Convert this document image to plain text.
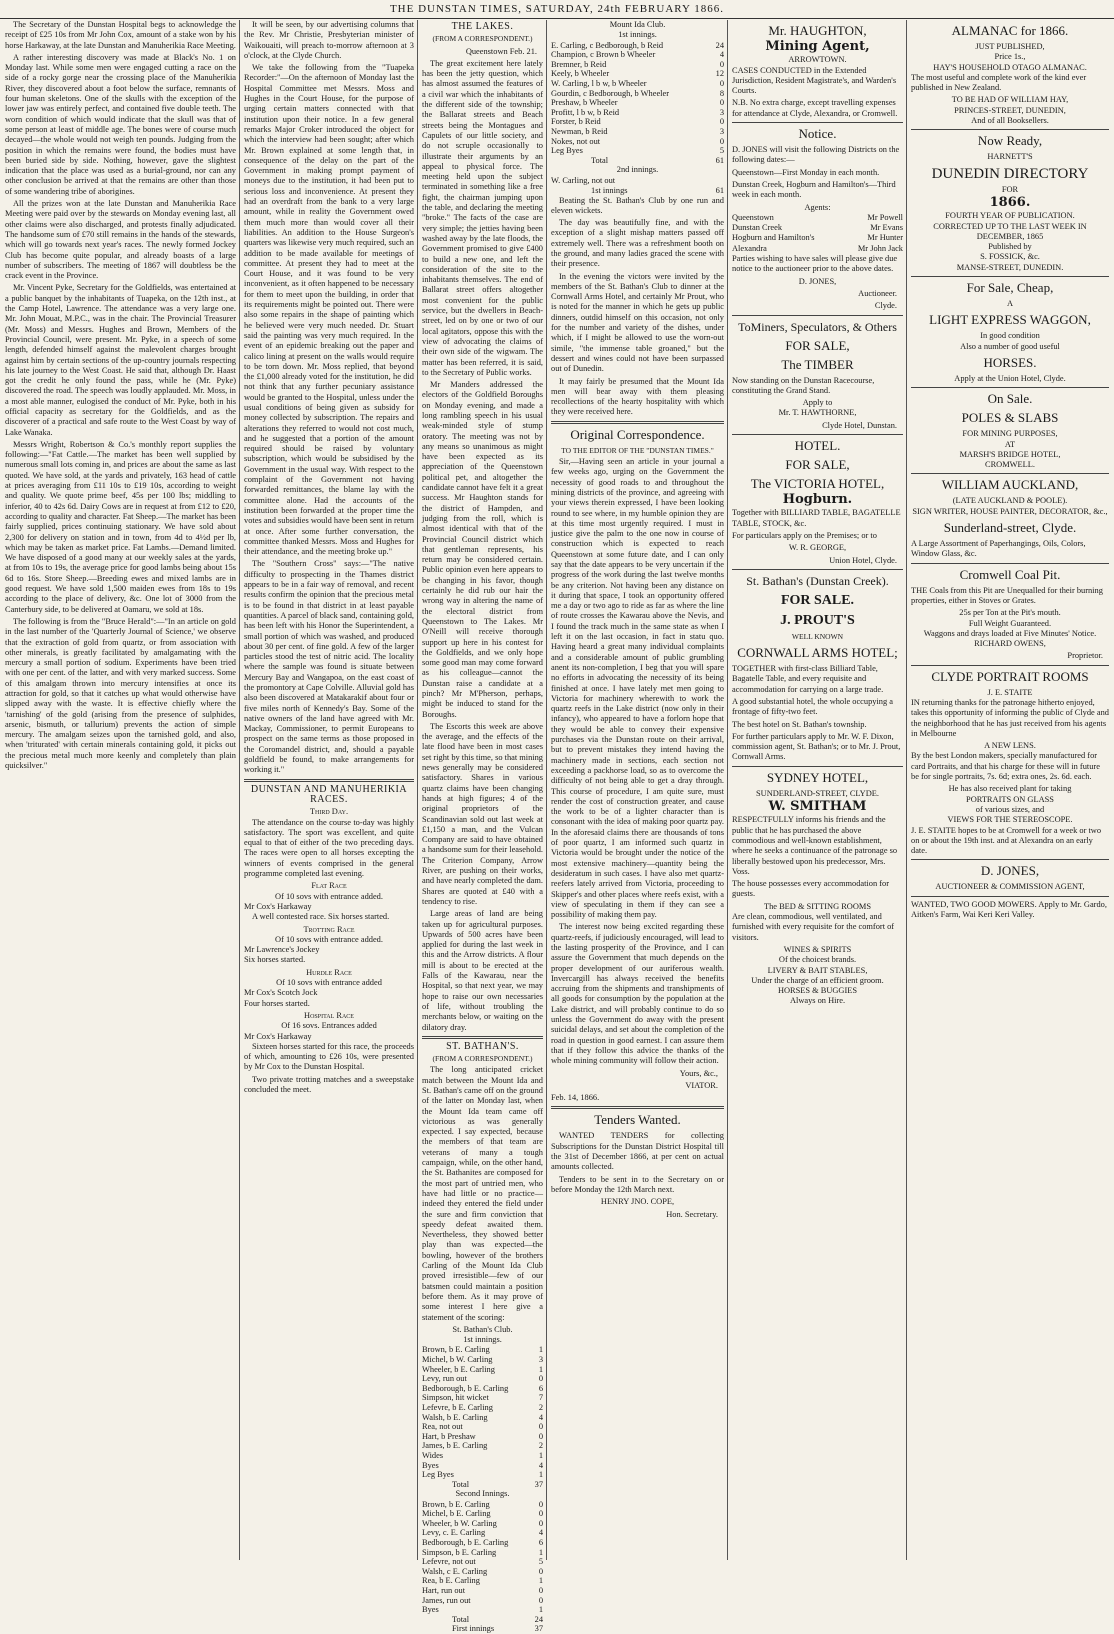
THE DUNSTAN TIMES, SATURDAY, 24th FEBRUARY 1866.

The Secretary of the Dunstan Hospital begs to acknowledge the receipt of £25 10s from Mr John Cox, amount of a stake won by his horse Harkaway, at the late Dunstan and Manuherikia Race Meeting.

A rather interesting discovery was made at Black's No. 1 on Monday last. While some men were engaged cutting a race on the side of a rocky gorge near the crossing place of the Manuherikia River, they discovered about a foot below the surface, remnants of four human skeletons. One of the skulls with the exception of the lower jaw was entirely perfect, and contained five double teeth. The worn condition of which would indicate that the skull was that of some person at least of middle age. The bones were of course much decayed—the whole would not weigh ten pounds. Judging from the position in which the remains were found, the bodies must have been buried side by side. Nothing, however, gave the slightest indication that the place was used as a burial-ground, nor can any other conclusion be arrived at that the remains are other than those of some wandering tribe of aborigines.

All the prizes won at the late Dunstan and Manuherikia Race Meeting were paid over by the stewards on Monday evening last, all other claims were also discharged, and protests finally adjudicated. The handsome sum of £70 still remains in the hands of the stewards, which will go towards next year's races. The newly formed Jockey Club has become quite popular, and already boasts of a large number of subscribers. The meeting of 1867 will doubtless be the crack event in the Province.

Mr. Vincent Pyke, Secretary for the Goldfields, was entertained at a public banquet by the inhabitants of Tuapeka, on the 12th inst., at the Camp Hotel, Lawrence. The attendance was a very large one. Mr. John Mouat, M.P.C., was in the chair. The Provincial Treasurer (Mr. Moss) and Messrs. Hughes and Brown, Members of the Provincial Council, were present. Mr. Pyke, in a speech of some length, defended himself against the malevolent charges brought against him by certain sections of the up-country journals respecting his late journey to the West Coast. He said that, although Dr. Haast got the credit he only found the pass, while he (Mr. Pyke) discovered the road. The speech was loudly applauded. Mr. Moss, in a most able manner, eulogised the conduct of Mr. Pyke, both in his official capacity as secretary for the Goldfields, and as the discoverer of a practical and safe route to the West Coast by way of Lake Wanaka.

Messrs Wright, Robertson & Co.'s monthly report supplies the following:—"Fat Cattle.—The market has been well supplied by numerous small lots coming in, and prices are about the same as last quoted. We have sold, at the yards and privately, 163 head of cattle at prices averaging from £11 10s to £19 10s, according to weight and quality. We quote prime beef, 45s per 100 lbs; middling to inferior, 40 to 42s 6d. Dairy Cows are in request at from £12 to £20, according to quality and character. Fat Sheep.—The market has been fairly supplied, prices continuing stationary. We have sold about 2,300 for delivery on station and in town, from 4d to 4½d per lb, which may be taken as market price. Fat Lambs.—Demand limited. We have disposed of a good many at our weekly sales at the yards, at from 10s to 19s, the average price for good lambs being about 15s 6d to 16s. Store Sheep.—Breeding ewes and mixed lambs are in good request. We have sold 1,500 maiden ewes from 18s to 19s according to the place of delivery, &c. One lot of 3000 from the Canterbury side, to be delivered at Oamaru, we sold at 18s.

The following is from the "Bruce Herald":—"In an article on gold in the last number of the 'Quarterly Journal of Science,' we observe that the extraction of gold from quartz, or from association with other minerals, is greatly facilitated by amalgamating with the mercury a small portion of sodium. Experiments have been tried with one per cent. of the latter, and with very marked success. Some of this amalgam thrown into mercury intensifies at once its attraction for gold, so that it catches up what would otherwise have slipped away with the waste. It is effective chiefly where the 'tarnishing' of the gold (arising from the presence of sulphides, arsenic, bismuth, or tallurium) prevents the action of simple mercury. The amalgam seizes upon the tarnished gold, and also, when 'triturated' with certain minerals containing gold, it picks out the precious metal much more keenly and completely than plain quicksilver."

It will be seen, by our advertising columns that the Rev. Mr Christie, Presbyterian minister of Waikouaiti, will preach to-morrow afternoon at 3 o'clock, at the Clyde Church.

We take the following from the "Tuapeka Recorder:"—On the afternoon of Monday last the Hospital Committee met Messrs. Moss and Hughes in the Court House, for the purpose of urging certain matters connected with that institution upon their notice. In a few general remarks Major Croker introduced the object for which the interview had been sought; after which Mr. Brown explained at some length that, in consequence of the delay on the part of the Government in making prompt payment of moneys due to the institution, it had been put to serious loss and inconvenience. At present they had an overdraft from the bank to a very large amount, while in reality the Government owed them much more than would cover all their liabilities. An addition to the House Surgeon's quarters was likewise very much required, such an addition to be made available for meetings of committee. At present they had to meet at the Court House, and it was found to be very inconvenient, as it often happened to be necessary for them to meet upon the building, in order that its requirements might be pointed out. There were also some repairs in the shape of painting which he believed were very much needed. Dr. Stuart said the painting was very much required. In the event of an epidemic breaking out the paper and calico lining at present on the walls would require to be torn down. Mr. Moss replied, that beyond the £1,000 already voted for the institution, he did not think that any further pecuniary assistance would be granted to the Hospital, unless under the usual conditions of being given as subsidy for money collected by subscription. The repairs and alterations they referred to would not cost much, and he suggested that a portion of the amount required should be raised by voluntary subscription, which would be subsidised by the Government in the usual way. With respect to the complaint of the Government not having forwarded remittances, the blame lay with the committee alone. Had the accounts of the institution been forwarded at the proper time the votes and subsidies would have been sent in return at once. After some further conversation, the committee thanked Messrs. Moss and Hughes for their attendance, and the meeting broke up."

The "Southern Cross" says:—"The native difficulty to prospecting in the Thames district appears to be in a fair way of removal, and recent results confirm the opinion that the precious metal is to be found in that district in at least payable quantities. A parcel of black sand, containing gold, has been left with his Honor the Superintendent, a small portion of which was washed, and produced about 30 per cent. of fine gold. A few of the larger particles stood the test of nitric acid. The locality where the sample was found is situate between Mercury Bay and Wangapoa, on the east coast of the promontory at Cape Colville. Alluvial gold has also been discovered at Matakarakif about four or five miles north of Kennedy's Bay. Some of the native owners of the land have agreed with Mr. Mackay, Commissioner, to permit Europeans to prospect on the same terms as those proposed in the Coromandel district, and, should a payable goldfield be found, to make arrangements for working it."

DUNSTAN AND MANUHERIKIA RACES.
Third Day.

The attendance on the course to-day was highly satisfactory. The sport was excellent, and quite equal to that of either of the two preceding days. The races were open to all horses excepting the winners of events comprised in the general programme completed last evening.

Flat Race
Of 10 sovs with entrance added.
Mr Cox's Harkaway

A well contested race. Six horses started.

Trotting Race
Of 10 sovs with entrance added.
Mr Lawrence's Jockey
Six horses started.
Hurdle Race
Of 10 sovs with entrance added
Mr Cox's Scotch Jock
Four horses started.
Hospital Race
Of 16 sovs. Entrances added
Mr Cox's Harkaway

Sixteen horses started for this race, the proceeds of which, amounting to £26 10s, were presented by Mr Cox to the Dunstan Hospital.

Two private trotting matches and a sweepstake concluded the meet.

THE LAKES.
(FROM A CORRESPONDENT.)
Queenstown Feb. 21.

The great excitement here lately has been the jetty question, which has almost assumed the features of a civil war which the inhabitants of the different side of the township; the Ballarat streets and Beach streets being the Montagues and Capulets of our little society, and do not scruple occasionally to illustrate their arguments by an appeal to physical force. The meeting held upon the subject terminated in something like a free fight, the chairman jumping upon the table, and declaring the meeting "broke." The facts of the case are very simple; the jetties having been washed away by the late floods, the Government promised to give £400 to build a new one, and left the consideration of the site to the inhabitants themselves. The end of Ballarat street offers altogether most convenient for the public service, but the dwellers in Beach-street, led on by one or two of our local agitators, oppose this with the view of advocating the claims of their own side of the wigwam. The matter has been referred, it is said, to the Secretary of Public works.

Mr Manders addressed the electors of the Goldfield Boroughs on Monday evening, and made a long rambling speech in his usual weak-minded style of stump oratory. The meeting was not by any means so unanimous as might have been expected as its appreciation of the Queenstown political pet, and altogether the candidate cannot have felt it a great success. Mr Haughton stands for the district of Hampden, and judging from the roll, which is almost identical with that of the Provincial Council district which that gentleman represents, his return may be considered certain. Public opinion even here appears to be changing in his favor, though certainly he did rub our hair the wrong way in altering the name of the electoral district from Queenstown to The Lakes. Mr O'Neill will receive thorough support up here in his contest for the Goldfields, and we only hope some good man may come forward as his colleague—cannot the Dunstan raise a candidate at a pinch? Mr M'Pherson, perhaps, might be induced to stand for the Boroughs.

The Escorts this week are above the average, and the effects of the late flood have been in most cases set right by this time, so that mining news generally may be considered satisfactory. Shares in various quartz claims have been changing hands at high figures; 4 of the original proprietors of the Scandinavian sold out last week at £1,150 a man, and the Vulcan Company are said to have obtained a handsome sum for their leasehold. The Criterion Company, Arrow River, are pushing on their works, and have nearly completed the dam. Shares are quoted at £40 with a tendency to rise.

Large areas of land are being taken up for agricultural purposes. Upwards of 500 acres have been applied for during the last week in this and the Arrow districts. A flour mill is about to be erected at the Falls of the Kawarau, near the Hospital, so that next year, we may hope to raise our own necessaries of life, without troubling the merchants below, or waiting on the dilatory dray.

ST. BATHAN'S.
(FROM A CORRESPONDENT.)

The long anticipated cricket match between the Mount Ida and St. Bathan's came off on the ground of the latter on Monday last, when the Mount Ida team came off victorious as was generally expected. I say expected, because the members of that team are veterans of many a tough campaign, while, on the other hand, the St. Bathanites are composed for the most part of untried men, who have had little or no practice—indeed they entered the field under the sure and firm conviction that speedy defeat awaited them. Nevertheless, they showed better play than was expected—the bowling, however of the brothers Carling of the Mount Ida Club proved irresistible—few of our batsmen could maintain a position before them. As it may prove of some interest I here give a statement of the scoring:

St. Bathan's Club.
1st innings.
Brown, b E. Carling	1
Michel, b W. Carling	3
Wheeler, b E. Carling	1
Levy, run out	0
Bedborough, b E. Carling	6
Simpson, hit wicket	7
Lefevre, b E. Carling	2
Walsh, b E. Carling	4
Rea, not out	0
Hart, b Preshaw	0
James, b E. Carling	2
Wides	1
Byes	4
Leg Byes	1
Total	37
Second Innings.
Brown, b E. Carling	0
Michel, b E. Carling	0
Wheeler, b W. Carling	0
Levy, c. E. Carling	4
Bedborough, b E. Carling	6
Simpson, b E. Carling	1
Lefevre, not out	5
Walsh, c E. Carling	0
Rea, b E. Carling	1
Hart, run out	0
James, run out	0
Byes	1
Total	24
First innings	37
Mount Ida Club.
1st innings.
E. Carling, c Bedborough, b Reid	24
Champion, c Brown b Wheeler	4
Bremner, b Reid	0
Keely, b Wheeler	12
W. Carling, l b w, b Wheeler	0
Gourdin, c Bedborough, b Wheeler	8
Preshaw, b Wheeler	0
Profitt, l b w, b Reid	3
Forster, b Reid	0
Newman, b Reid	3
Nokes, not out	0
Leg Byes	5
Total	61
2nd innings.
W. Carling, not out
1st innings	61

Beating the St. Bathan's Club by one run and eleven wickets.

The day was beautifully fine, and with the exception of a slight mishap matters passed off extremely well. There was a refreshment booth on the ground, and many ladies graced the scene with their presence.

In the evening the victors were invited by the members of the St. Bathan's Club to dinner at the Cornwall Arms Hotel, and certainly Mr Prout, who is noted for the manner in which he gets up public dinners, outdid himself on this occasion, not only for the number and variety of the dishes, under which, if I might be allowed to use the worn-out simile, "the immense table groaned," but the dessert and wines could not have been surpassed out of Dunedin.

It may fairly be presumed that the Mount Ida men will bear away with them pleasing recollections of the hearty hospitality with which they were received here.

Original Correspondence.
TO THE EDITOR OF THE "DUNSTAN TIMES."

Sir,—Having seen an article in your journal a few weeks ago, urging on the Government the necessity of good roads to and throughout the mining districts of the province, and agreeing with your views therein expressed, I have been looking round to see where, in my humble opinion they are at this time most urgently required. I must in justice give the palm to the one now in course of construction which is expected to reach Queenstown at some future date, and I can only say that the date appears to be very uncertain if the progress of the work during the last twelve months be any criterion. Not having been any distance on it during that space, I took an opportunity offered me a day or two ago to ride as far as where the line of route crosses the Kawarau above the Nevis, and I found the track much in the same state as when I left it on the last occasion, in fact in statu quo. Having heard a great many individual complaints and a considerable amount of public grumbling anent its non-completion, I beg that you will spare no efforts in advocating the necessity of its being finished at once. I have lately met men going to Victoria for machinery wherewith to work the quartz reefs in the Lake district (now only in their infancy), who appeared to have a forlorn hope that they would be able to convey their expensive purchases via the Dunstan route on their arrival, but to prevent mistakes they intend having the machinery made in sections, each section not exceeding a packhorse load, so as to overcome the difficulty of not being able to get a dray through. This course of procedure, I am quite sure, must render the cost of construction greater, and cause the work to be of a lighter character than is consonant with the idea of making poor quartz pay. In the aforesaid claims there are thousands of tons of poor quartz, I am informed such quartz in Victoria would be brought under the notice of the most extensive machinery—quantity being the desideratum in such cases. I have also met quartz-reefers lately arrived from Victoria, proceeding to Skipper's and other places where reefs exist, with a view of speculating in them if they can see a possibility of making them pay.

The interest now being excited regarding these quartz-reefs, if judiciously encouraged, will lead to the lasting prosperity of the Province, and I can assure the Government that much depends on the proper development of our auriferous wealth. Invercargill has always received the benefits accruing from the shipments and transhipments of all goods for consumption by the population at the Lake district, and will probably continue to do so unless the Government do away with the present suicidal delays, and set about the completion of the road in question in good earnest. I can assure them that if they follow this advice the thanks of the whole mining community will follow their action.

Yours, &c.,
VIATOR.
Feb. 14, 1866.
Tenders Wanted.

WANTED TENDERS for collecting Subscriptions for the Dunstan District Hospital till the 31st of December 1866, at per cent on actual amounts collected.

Tenders to be sent in to the Secretary on or before Monday the 12th March next.

HENRY JNO. COPE,
Hon. Secretary.
Mr. HAUGHTON,
Mining Agent,
ARROWTOWN.

CASES CONDUCTED in the Extended Jurisdiction, Resident Magistrate's, and Warden's Courts.

N.B. No extra charge, except travelling expenses for attendance at Clyde, Alexandra, or Cromwell.

Notice.

D. JONES will visit the following Districts on the following dates:—

Queenstown—First Monday in each month.

Dunstan Creek, Hogburn and Hamilton's—Third week in each month.

Agents:
Queenstown	Mr Powell
Dunstan Creek	Mr Evans
Hogburn and Hamilton's	Mr Hunter
Alexandra	Mr John Jack

Parties wishing to have sales will please give due notice to the auctioneer prior to the above dates.

D. JONES,
Auctioneer.
Clyde.
ToMiners, Speculators, & Others
FOR SALE,
The TIMBER

Now standing on the Dunstan Racecourse, constituting the Grand Stand.

Apply to
Mr. T. HAWTHORNE,
Clyde Hotel, Dunstan.
HOTEL.
FOR SALE,
The VICTORIA HOTEL,
Hogburn.

Together with BILLIARD TABLE, BAGATELLE TABLE, STOCK, &c.

For particulars apply on the Premises; or to

W. R. GEORGE,
Union Hotel, Clyde.
St. Bathan's (Dunstan Creek).
FOR SALE.
J. PROUT'S
WELL KNOWN
CORNWALL ARMS HOTEL;

TOGETHER with first-class Billiard Table, Bagatelle Table, and every requisite and accommodation for carrying on a large trade.

A good substantial hotel, the whole occupying a frontage of fifty-two feet.

The best hotel on St. Bathan's township.

For further particulars apply to Mr. W. F. Dixon, commission agent, St. Bathan's; or to Mr. J. Prout, Cornwall Arms.

SYDNEY HOTEL,
SUNDERLAND-STREET, CLYDE.
W. SMITHAM

RESPECTFULLY informs his friends and the public that he has purchased the above commodious and well-known establishment, where he seeks a continuance of the patronage so liberally bestowed upon his predecessor, Mrs. Voss.

The house possesses every accommodation for guests.

The BED & SITTING ROOMS

Are clean, commodious, well ventilated, and furnished with every requisite for the comfort of visitors.

WINES & SPIRITS
Of the choicest brands.
LIVERY & BAIT STABLES,
Under the charge of an efficient groom.
HORSES & BUGGIES
Always on Hire.
ALMANAC for 1866.
JUST PUBLISHED,
Price 1s.,
HAY'S HOUSEHOLD OTAGO ALMANAC.

The most useful and complete work of the kind ever published in New Zealand.

TO BE HAD OF WILLIAM HAY,
PRINCES-STREET, DUNEDIN,
And of all Booksellers.
Now Ready,
HARNETT'S
DUNEDIN DIRECTORY
FOR
1866.
FOURTH YEAR OF PUBLICATION.
CORRECTED UP TO THE LAST WEEK IN DECEMBER, 1865
Published by
S. FOSSICK, &c.
MANSE-STREET, DUNEDIN.
For Sale, Cheap,
A
LIGHT EXPRESS WAGGON,
In good condition
Also a number of good useful
HORSES.
Apply at the Union Hotel, Clyde.
On Sale.
POLES & SLABS
FOR MINING PURPOSES,
AT
MARSH'S BRIDGE HOTEL,
CROMWELL.
WILLIAM AUCKLAND,
(LATE AUCKLAND & POOLE).
SIGN WRITER, HOUSE PAINTER, DECORATOR, &c.,
Sunderland-street, Clyde.

A Large Assortment of Paperhangings, Oils, Colors, Window Glass, &c.

Cromwell Coal Pit.

THE Coals from this Pit are Unequalled for their burning properties, either in Stoves or Grates.

25s per Ton at the Pit's mouth.
Full Weight Guaranteed.
Waggons and drays loaded at Five Minutes' Notice.
RICHARD OWENS,
Proprietor.
CLYDE PORTRAIT ROOMS
J. E. STAITE

IN returning thanks for the patronage hitherto enjoyed, takes this opportunity of informing the public of Clyde and the neighborhood that he has just received from his agents in Melbourne

A NEW LENS.

By the best London makers, specially manufactured for card Portraits, and that his charge for these will in future be for single portraits, 7s. 6d; extra ones, 2s. 6d. each.

He has also received plant for taking
PORTRAITS ON GLASS
of various sizes, and
VIEWS FOR THE STEREOSCOPE.

J. E. STAITE hopes to be at Cromwell for a week or two on or about the 19th inst. and at Alexandra on an early date.

D. JONES,
AUCTIONEER & COMMISSION AGENT,

WANTED, TWO GOOD MOWERS. Apply to Mr. Gardo, Aitken's Farm, Wai Keri Keri Valley.
